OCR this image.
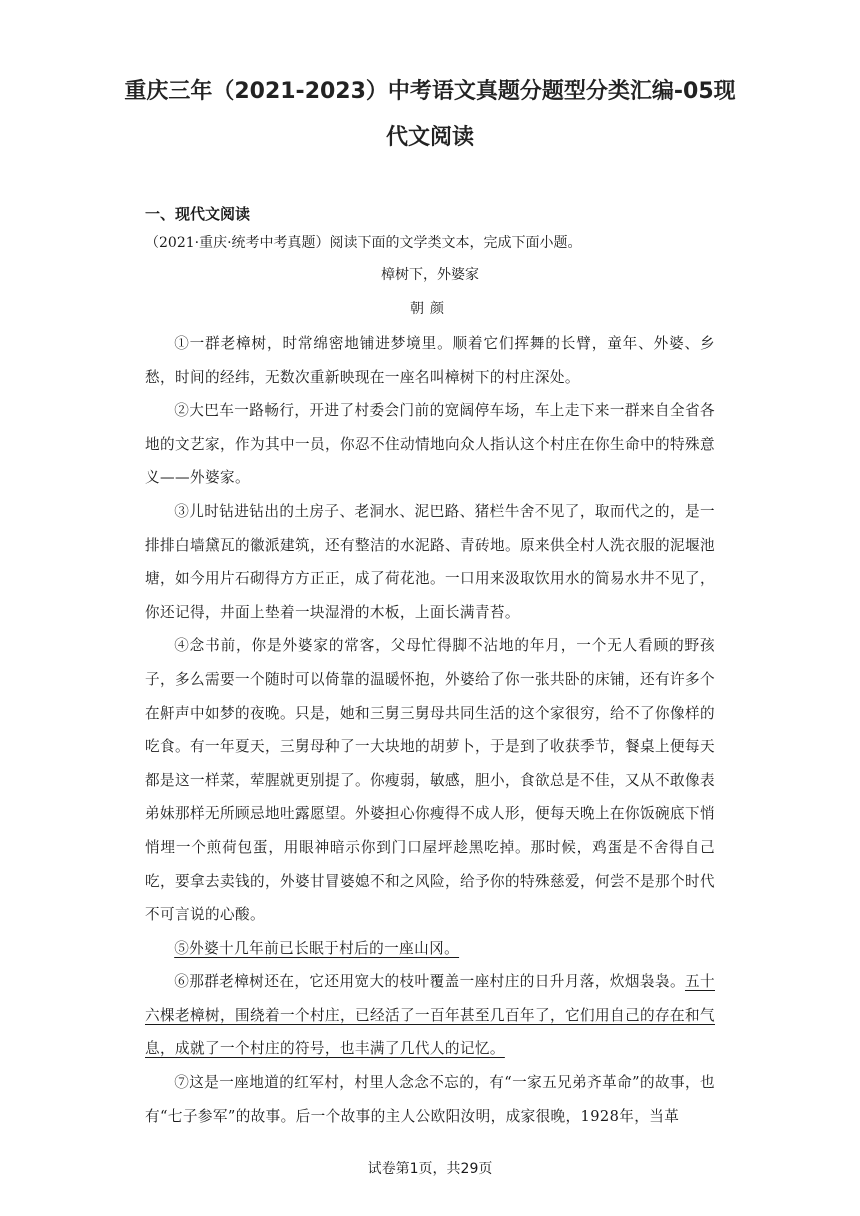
重庆三年（2021-2023）中考语文真题分题型分类汇编-05现
代文阅读
一、现代文阅读
（2021·重庆·统考中考真题）阅读下面的文学类文本，完成下面小题。
樟树下，外婆家
朝颜

①一群老樟树，时常绵密地铺进梦境里。顺着它们挥舞的长臂，童年、外婆、乡愁，时间的经纬，无数次重新映现在一座名叫樟树下的村庄深处。

②大巴车一路畅行，开进了村委会门前的宽阔停车场，车上走下来一群来自全省各地的文艺家，作为其中一员，你忍不住动情地向众人指认这个村庄在你生命中的特殊意义——外婆家。

③儿时钻进钻出的土房子、老洞水、泥巴路、猪栏牛舍不见了，取而代之的，是一排排白墙黛瓦的徽派建筑，还有整洁的水泥路、青砖地。原来供全村人洗衣服的泥堰池塘，如今用片石砌得方方正正，成了荷花池。一口用来汲取饮用水的简易水井不见了，你还记得，井面上垫着一块湿滑的木板，上面长满青苔。

④念书前，你是外婆家的常客，父母忙得脚不沾地的年月，一个无人看顾的野孩子，多么需要一个随时可以倚靠的温暖怀抱，外婆给了你一张共卧的床铺，还有许多个在鼾声中如梦的夜晚。只是，她和三舅三舅母共同生活的这个家很穷，给不了你像样的吃食。有一年夏天，三舅母种了一大块地的胡萝卜，于是到了收获季节，餐桌上便每天都是这一样菜，荤腥就更别提了。你瘦弱，敏感，胆小，食欲总是不佳，又从不敢像表弟妹那样无所顾忌地吐露愿望。外婆担心你瘦得不成人形，便每天晚上在你饭碗底下悄悄埋一个煎荷包蛋，用眼神暗示你到门口屋坪趁黑吃掉。那时候，鸡蛋是不舍得自己吃，要拿去卖钱的，外婆甘冒婆媳不和之风险，给予你的特殊慈爱，何尝不是那个时代不可言说的心酸。

⑤外婆十几年前已长眠于村后的一座山冈。

⑥那群老樟树还在，它还用宽大的枝叶覆盖一座村庄的日升月落，炊烟袅袅。五十六棵老樟树，围绕着一个村庄，已经活了一百年甚至几百年了，它们用自己的存在和气息，成就了一个村庄的符号，也丰满了几代人的记忆。

⑦这是一座地道的红军村，村里人念念不忘的，有“一家五兄弟齐革命”的故事，也有“七子参军”的故事。后一个故事的主人公欧阳汝明，成家很晚，1928年，当革

试卷第1页，共29页
